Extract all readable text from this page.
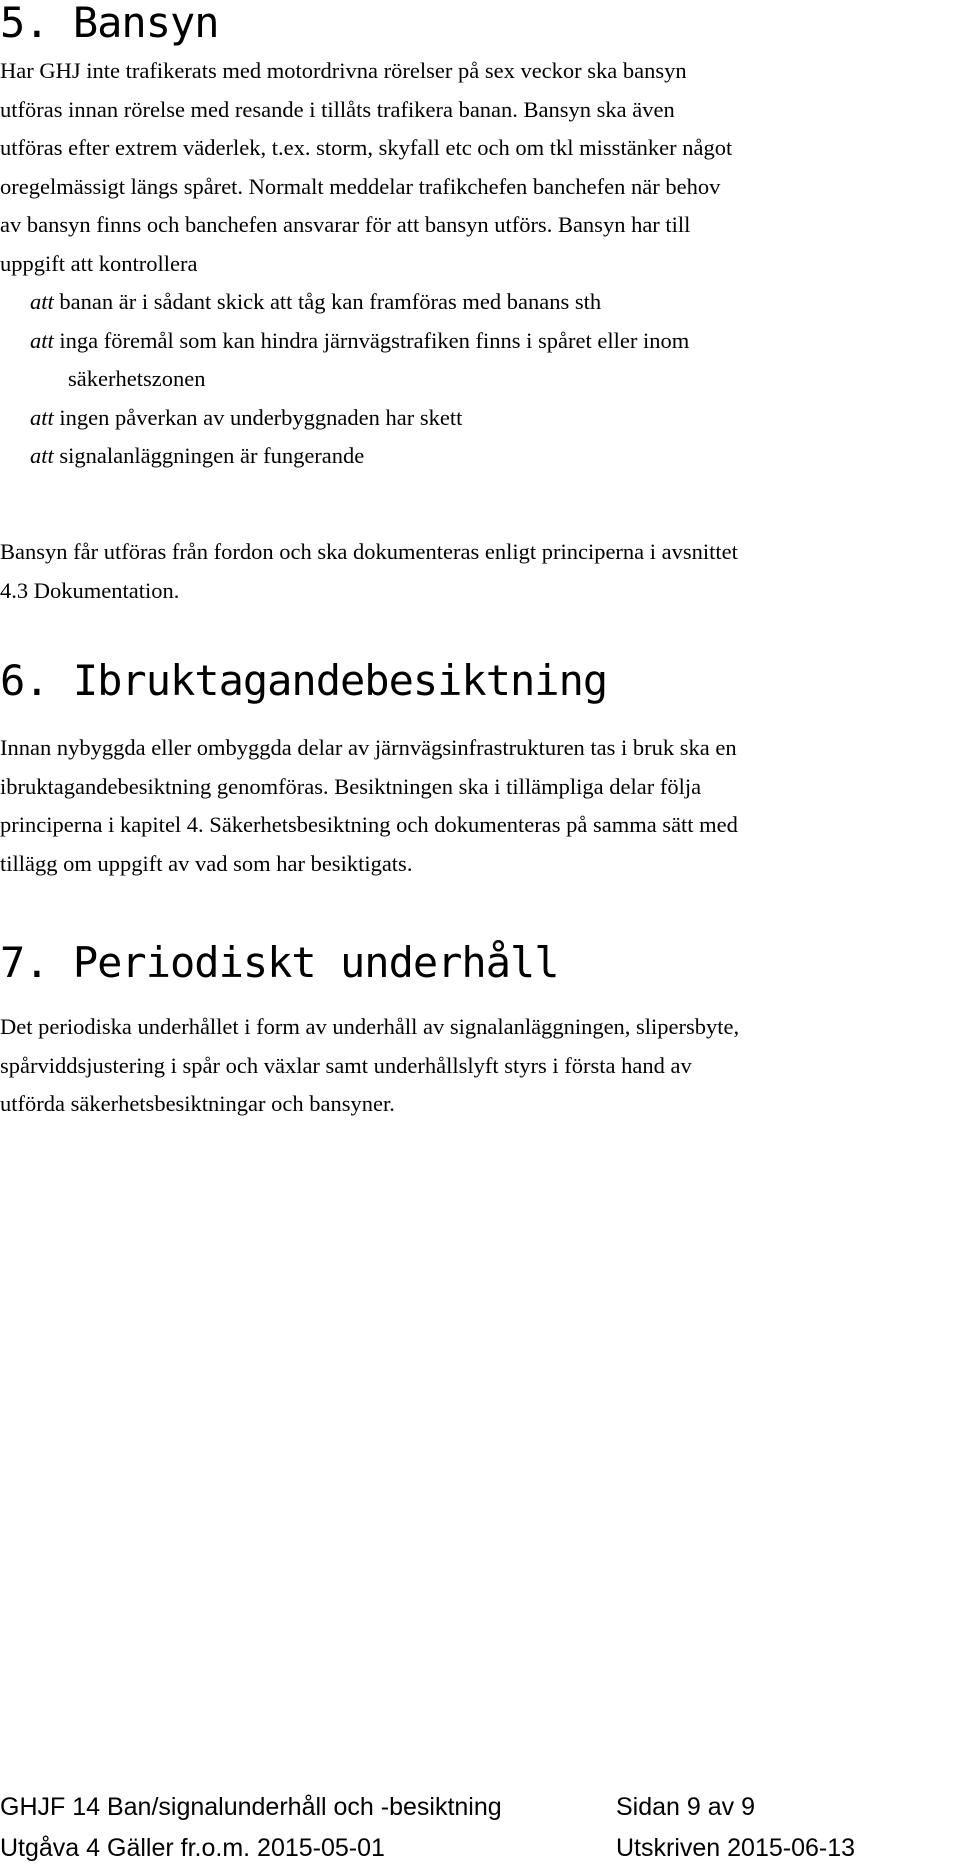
5. Bansyn
Har GHJ inte trafikerats med motordrivna rörelser på sex veckor ska bansyn
utföras innan rörelse med resande i tillåts trafikera banan. Bansyn ska även
utföras efter extrem väderlek, t.ex. storm, skyfall etc och om tkl misstänker något
oregelmässigt längs spåret. Normalt meddelar trafikchefen banchefen när behov
av bansyn finns och banchefen ansvarar för att bansyn utförs. Bansyn har till
uppgift att kontrollera
att banan är i sådant skick att tåg kan framföras med banans sth
att inga föremål som kan hindra järnvägstrafiken finns i spåret eller inom
säkerhetszonen
att ingen påverkan av underbyggnaden har skett
att signalanläggningen är fungerande
Bansyn får utföras från fordon och ska dokumenteras enligt principerna i avsnittet
4.3 Dokumentation.
6. Ibruktagandebesiktning
Innan nybyggda eller ombyggda delar av järnvägsinfrastrukturen tas i bruk ska en
ibruktagandebesiktning genomföras. Besiktningen ska i tillämpliga delar följa
principerna i kapitel 4. Säkerhetsbesiktning och dokumenteras på samma sätt med
tillägg om uppgift av vad som har besiktigats.
7. Periodiskt underhåll
Det periodiska underhållet i form av underhåll av signalanläggningen, slipersbyte,
spårviddsjustering i spår och växlar samt underhållslyft styrs i första hand av
utförda säkerhetsbesiktningar och bansyner.
GHJF 14 Ban/signalunderhåll och -besiktning	Sidan 9 av 9
Utgåva 4 Gäller fr.o.m. 2015-05-01	Utskriven 2015-06-13
